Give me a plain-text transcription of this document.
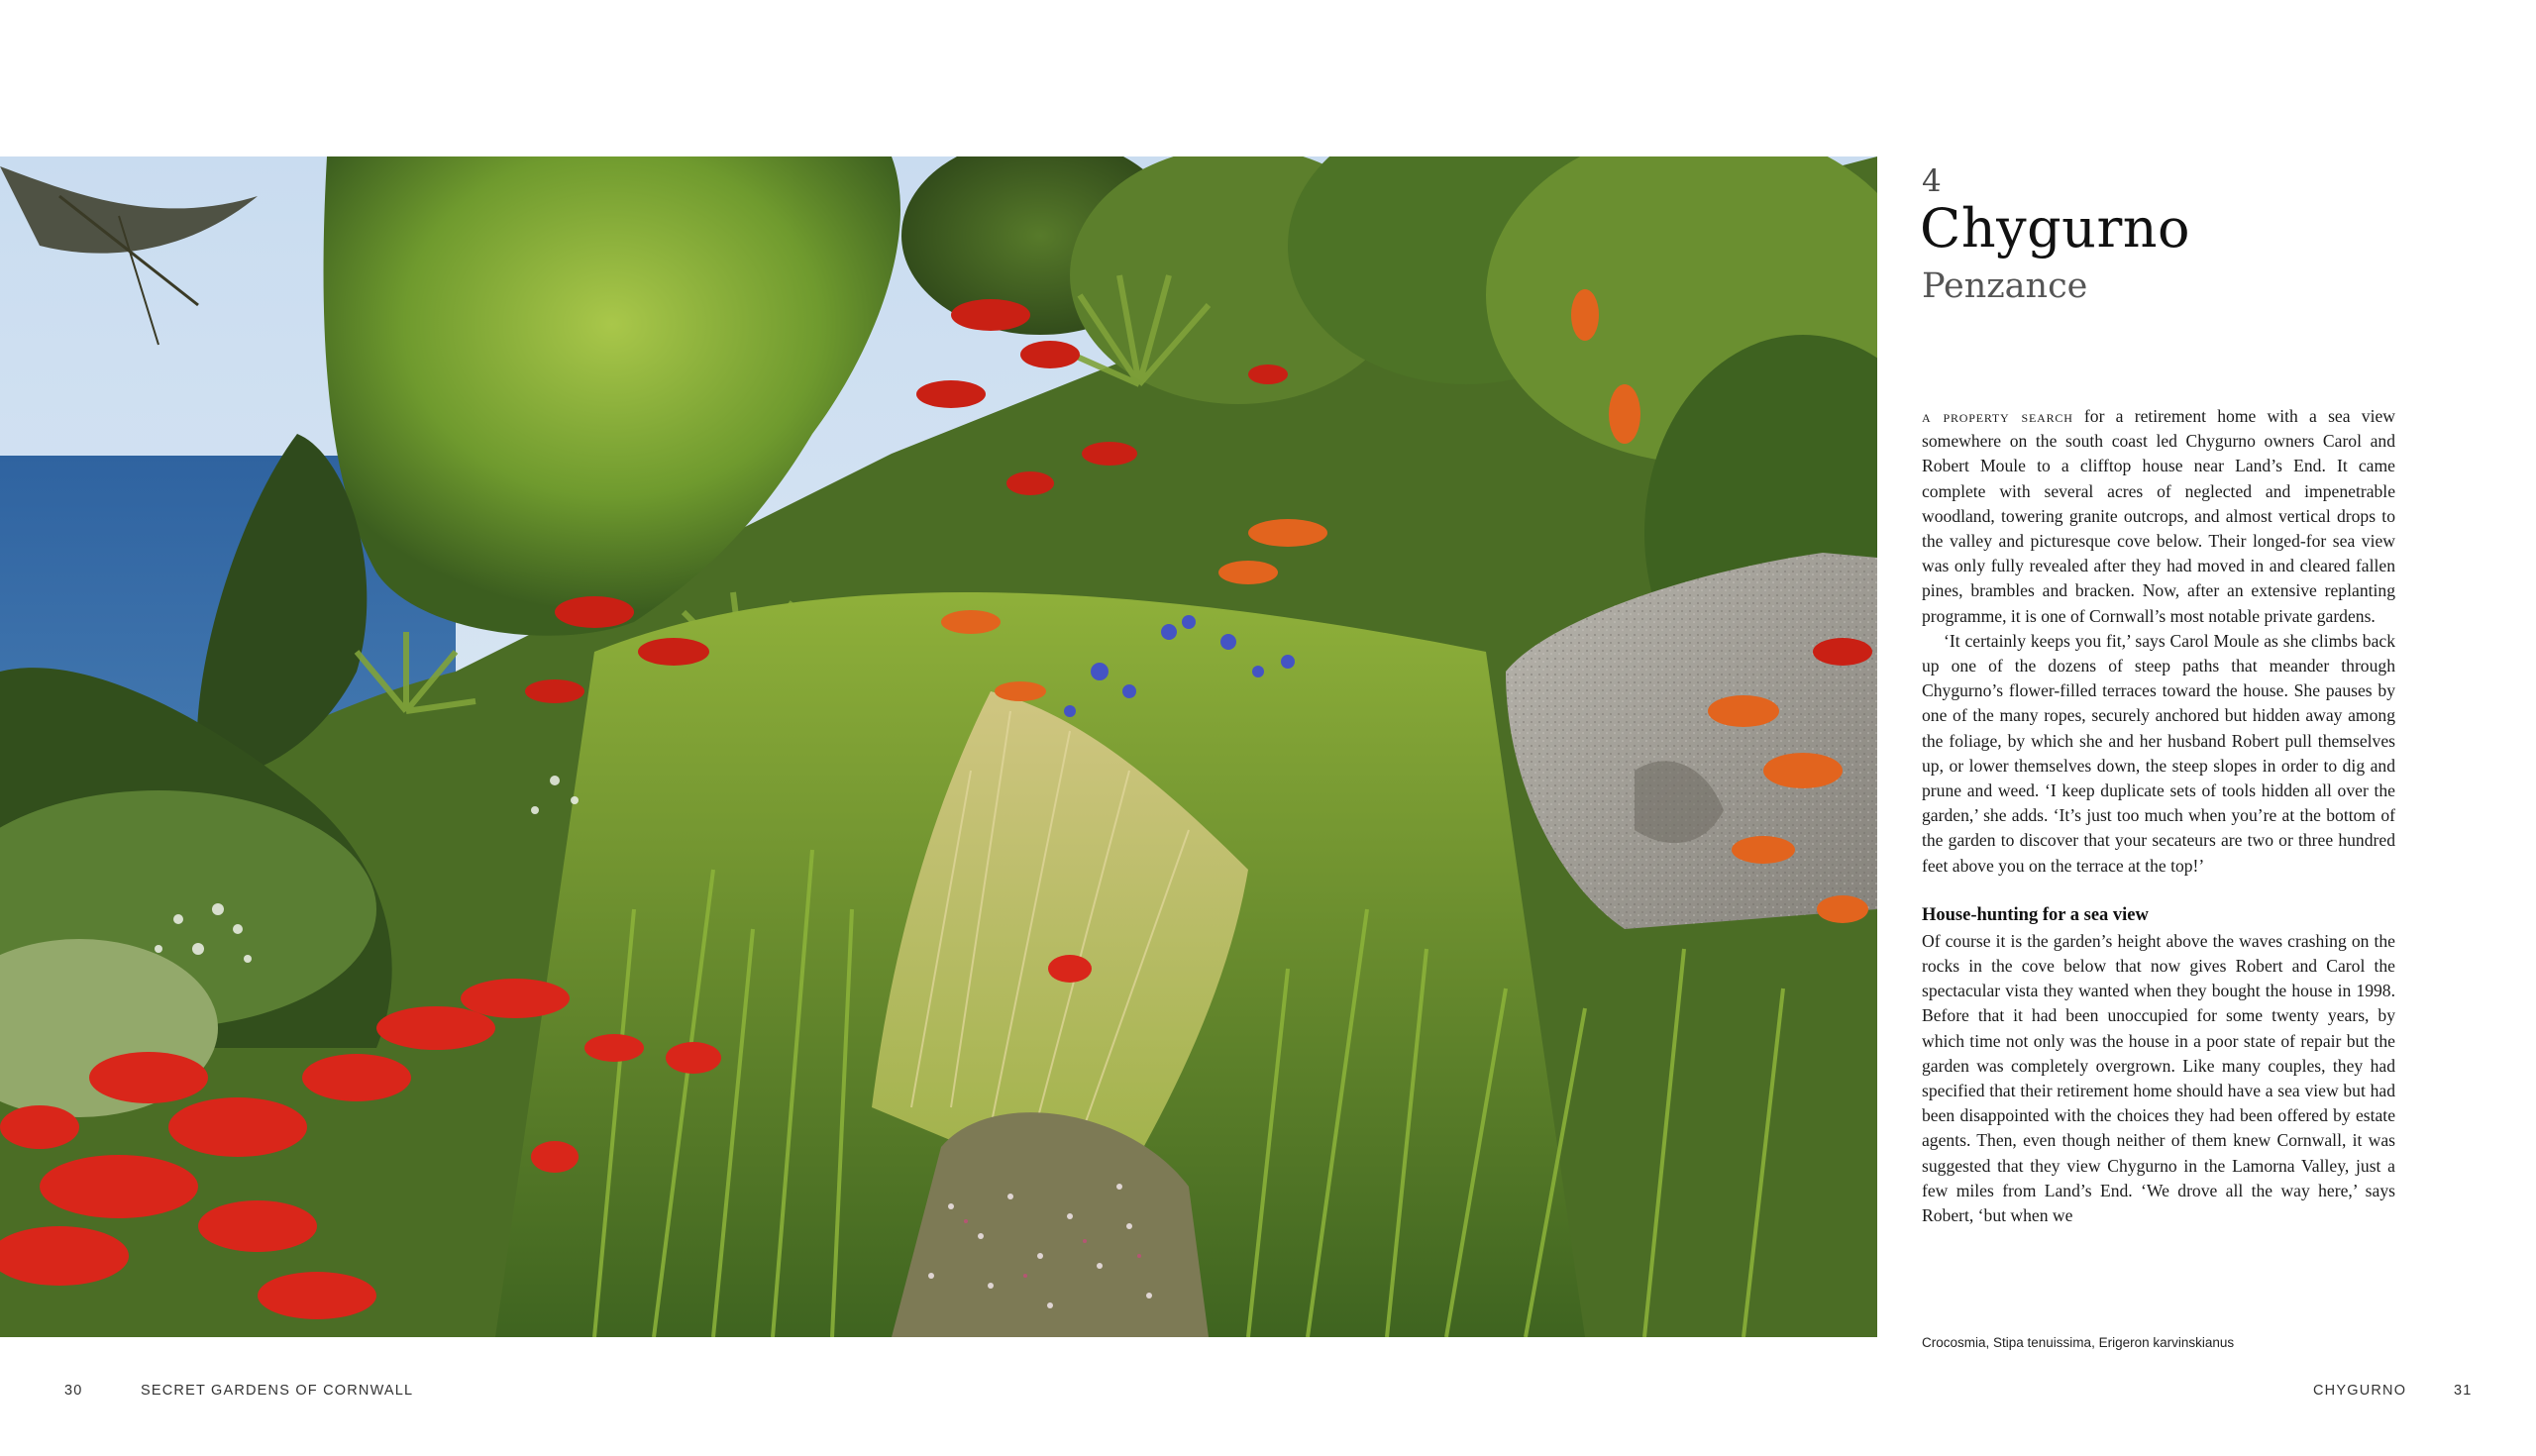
30	SECRET GARDENS OF CORNWALL
4
Chygurno
Penzance

a property search for a retirement home with a sea view somewhere on the south coast led Chygurno owners Carol and Robert Moule to a clifftop house near Land’s End. It came complete with several acres of neglected and impenetrable woodland, towering granite outcrops, and almost vertical drops to the valley and picturesque cove below. Their longed-for sea view was only fully revealed after they had moved in and cleared fallen pines, brambles and bracken. Now, after an extensive replanting programme, it is one of Cornwall’s most notable private gardens.

‘It certainly keeps you fit,’ says Carol Moule as she climbs back up one of the dozens of steep paths that meander through Chygurno’s flower-filled terraces toward the house. She pauses by one of the many ropes, securely anchored but hidden away among the foliage, by which she and her husband Robert pull themselves up, or lower themselves down, the steep slopes in order to dig and prune and weed. ‘I keep duplicate sets of tools hidden all over the garden,’ she adds. ‘It’s just too much when you’re at the bottom of the garden to discover that your secateurs are two or three hundred feet above you on the terrace at the top!’

House-hunting for a sea view

Of course it is the garden’s height above the waves crashing on the rocks in the cove below that now gives Robert and Carol the spectacular vista they wanted when they bought the house in 1998. Before that it had been unoccupied for some twenty years, by which time not only was the house in a poor state of repair but the garden was completely overgrown. Like many couples, they had specified that their retirement home should have a sea view but had been disappointed with the choices they had been offered by estate agents. Then, even though neither of them knew Cornwall, it was suggested that they view Chygurno in the Lamorna Valley, just a few miles from Land’s End. ‘We drove all the way here,’ says Robert, ‘but when we

Crocosmia, Stipa tenuissima, Erigeron karvinskianus
CHYGURNO	31
